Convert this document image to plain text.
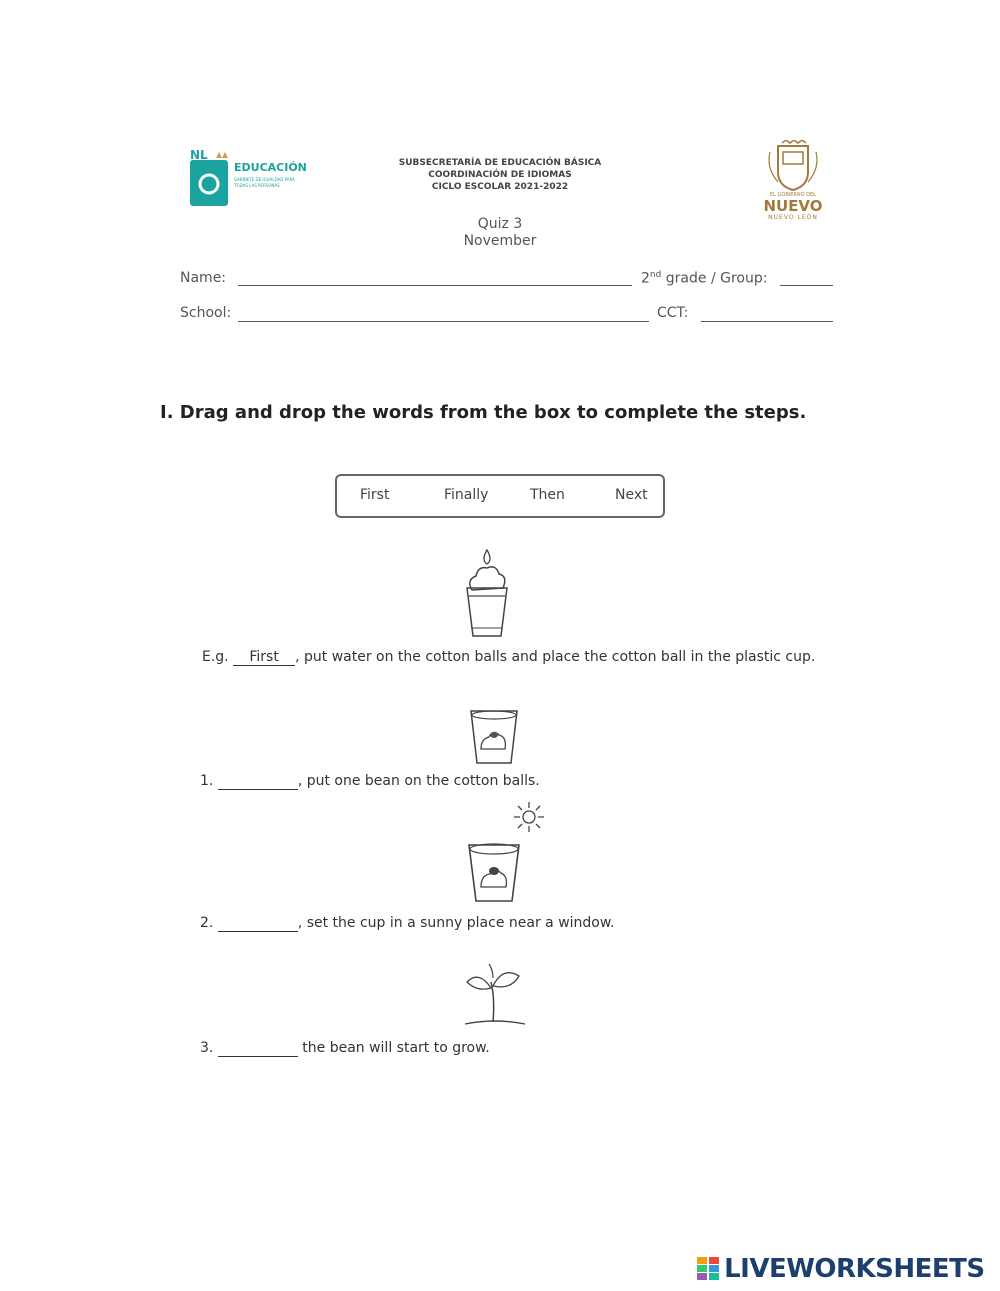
NL
EDUCACIÓN
GABINETE DE IGUALDAD PARA TODAS LAS PERSONAS
SUBSECRETARÍA DE EDUCACIÓN BÁSICA
COORDINACIÓN DE IDIOMAS
CICLO ESCOLAR 2021-2022
EL GOBIERNO DEL
NUEVO
NUEVO LEÓN
Quiz 3
November
Name:	2nd grade / Group:
School:	CCT:
I. Drag and drop the words from the box to complete the steps.
First	Finally	Then	Next
E.g. First , put water on the cotton balls and place the cotton ball in the plastic cup.
1.	, put one bean on the cotton balls.
2.	, set the cup in a sunny place near a window.
3.	the bean will start to grow.
LIVEWORKSHEETS
